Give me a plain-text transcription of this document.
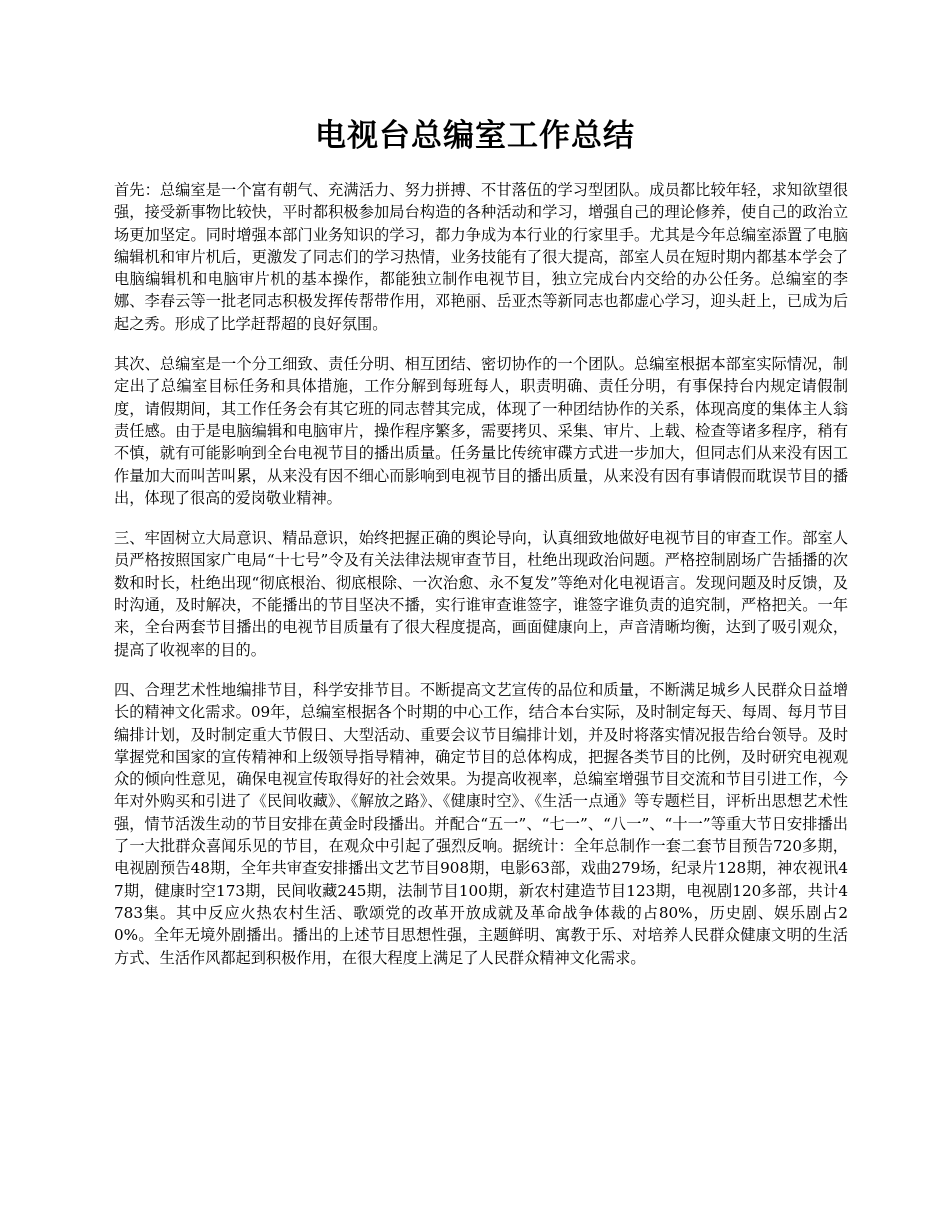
电视台总编室工作总结

首先：总编室是一个富有朝气、充满活力、努力拼搏、不甘落伍的学习型团队。成员都比较年轻，求知欲望很强，接受新事物比较快，平时都积极参加局台构造的各种活动和学习，增强自己的理论修养，使自己的政治立场更加坚定。同时增强本部门业务知识的学习，都力争成为本行业的行家里手。尤其是今年总编室添置了电脑编辑机和审片机后，更激发了同志们的学习热情，业务技能有了很大提高，部室人员在短时期内都基本学会了电脑编辑机和电脑审片机的基本操作，都能独立制作电视节目，独立完成台内交给的办公任务。总编室的李娜、李春云等一批老同志积极发挥传帮带作用，邓艳丽、岳亚杰等新同志也都虚心学习，迎头赶上，已成为后起之秀。形成了比学赶帮超的良好氛围。

其次、总编室是一个分工细致、责任分明、相互团结、密切协作的一个团队。总编室根据本部室实际情况，制定出了总编室目标任务和具体措施，工作分解到每班每人，职责明确、责任分明，有事保持台内规定请假制度，请假期间，其工作任务会有其它班的同志替其完成，体现了一种团结协作的关系，体现高度的集体主人翁责任感。由于是电脑编辑和电脑审片，操作程序繁多，需要拷贝、采集、审片、上载、检查等诸多程序，稍有不慎，就有可能影响到全台电视节目的播出质量。任务量比传统审碟方式进一步加大，但同志们从来没有因工作量加大而叫苦叫累，从来没有因不细心而影响到电视节目的播出质量，从来没有因有事请假而耽误节目的播出，体现了很高的爱岗敬业精神。

三、牢固树立大局意识、精品意识，始终把握正确的舆论导向，认真细致地做好电视节目的审查工作。部室人员严格按照国家广电局“十七号”令及有关法律法规审查节目，杜绝出现政治问题。严格控制剧场广告插播的次数和时长，杜绝出现“彻底根治、彻底根除、一次治愈、永不复发”等绝对化电视语言。发现问题及时反馈，及时沟通，及时解决，不能播出的节目坚决不播，实行谁审查谁签字，谁签字谁负责的追究制，严格把关。一年来，全台两套节目播出的电视节目质量有了很大程度提高，画面健康向上，声音清晰均衡，达到了吸引观众，提高了收视率的目的。

四、合理艺术性地编排节目，科学安排节目。不断提高文艺宣传的品位和质量，不断满足城乡人民群众日益增长的精神文化需求。09年，总编室根据各个时期的中心工作，结合本台实际，及时制定每天、每周、每月节目编排计划，及时制定重大节假日、大型活动、重要会议节目编排计划，并及时将落实情况报告给台领导。及时掌握党和国家的宣传精神和上级领导指导精神，确定节目的总体构成，把握各类节目的比例，及时研究电视观众的倾向性意见，确保电视宣传取得好的社会效果。为提高收视率，总编室增强节目交流和节目引进工作，今年对外购买和引进了《民间收藏》、《解放之路》、《健康时空》、《生活一点通》等专题栏目，评析出思想艺术性强，情节活泼生动的节目安排在黄金时段播出。并配合“五一”、“七一”、“八一”、“十一”等重大节日安排播出了一大批群众喜闻乐见的节目，在观众中引起了强烈反响。据统计：全年总制作一套二套节目预告720多期，电视剧预告48期，全年共审查安排播出文艺节目908期，电影63部，戏曲279场，纪录片128期，神农视讯47期，健康时空173期，民间收藏245期，法制节目100期，新农村建造节目123期，电视剧120多部，共计4783集。其中反应火热农村生活、歌颂党的改革开放成就及革命战争体裁的占80%，历史剧、娱乐剧占20%。全年无境外剧播出。播出的上述节目思想性强，主题鲜明、寓教于乐、对培养人民群众健康文明的生活方式、生活作风都起到积极作用，在很大程度上满足了人民群众精神文化需求。
